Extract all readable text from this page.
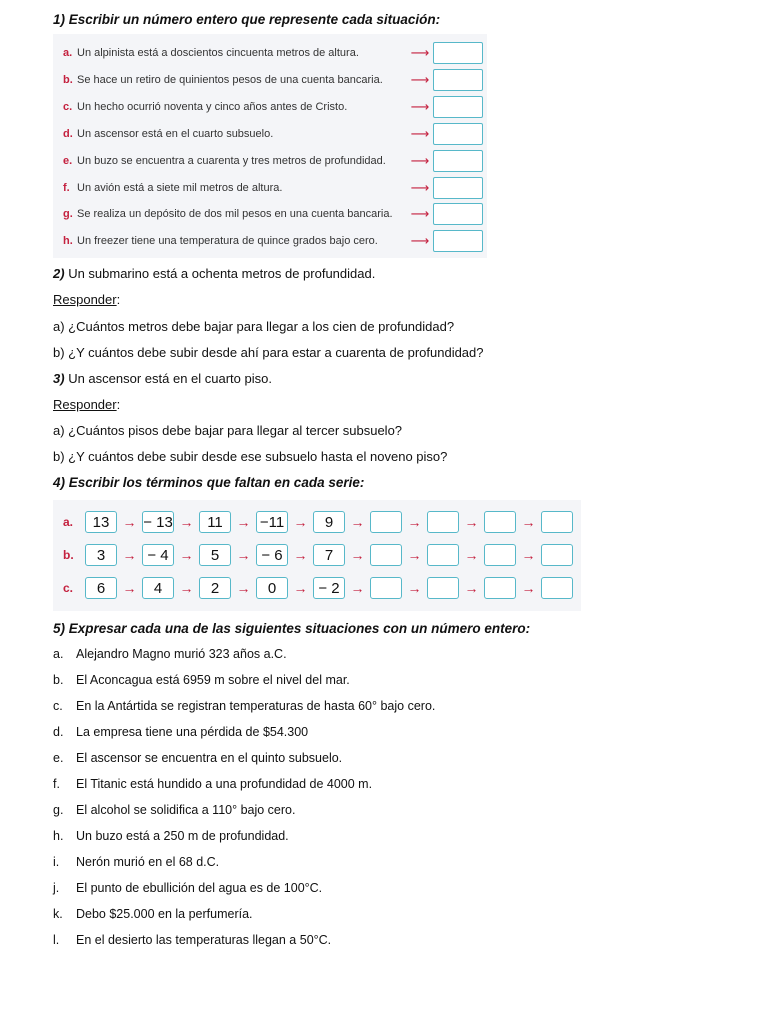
1) Escribir un número entero que represente cada situación:
a. Un alpinista está a doscientos cincuenta metros de altura.	⟶
b. Se hace un retiro de quinientos pesos de una cuenta bancaria.	⟶
c. Un hecho ocurrió noventa y cinco años antes de Cristo.	⟶
d. Un ascensor está en el cuarto subsuelo.	⟶
e. Un buzo se encuentra a cuarenta y tres metros de profundidad.	⟶
f. Un avión está a siete mil metros de altura.	⟶
g. Se realiza un depósito de dos mil pesos en una cuenta bancaria.	⟶
h. Un freezer tiene una temperatura de quince grados bajo cero.	⟶
2) Un submarino está a ochenta metros de profundidad.
Responder:
a) ¿Cuántos metros debe bajar para llegar a los cien de profundidad?
b) ¿Y cuántos debe subir desde ahí para estar a cuarenta de profundidad?
3) Un ascensor está en el cuarto piso.
Responder:
a) ¿Cuántos pisos debe bajar para llegar al tercer subsuelo?
b) ¿Y cuántos debe subir desde ese subsuelo hasta el noveno piso?
4) Escribir los términos que faltan en cada serie:
a.	13 → − 13 → 11 → −11 →	9	→	→	→	→
b.	3	→ − 4 →	5	→ − 6 →	7	→	→	→	→
c.	6	→	4	→	2	→	0	→ − 2 →	→	→	→
5) Expresar cada una de las siguientes situaciones con un número entero:
a.	Alejandro Magno murió 323 años a.C.
b.	El Aconcagua está 6959 m sobre el nivel del mar.
c.	En la Antártida se registran temperaturas de hasta 60° bajo cero.
d.	La empresa tiene una pérdida de $54.300
e.	El ascensor se encuentra en el quinto subsuelo.
f.	El Titanic está hundido a una profundidad de 4000 m.
g.	El alcohol se solidifica a 110° bajo cero.
h.	Un buzo está a 250 m de profundidad.
i.	Nerón murió en el 68 d.C.
j.	El punto de ebullición del agua es de 100°C.
k.	Debo $25.000 en la perfumería.
l.	En el desierto las temperaturas llegan a 50°C.
